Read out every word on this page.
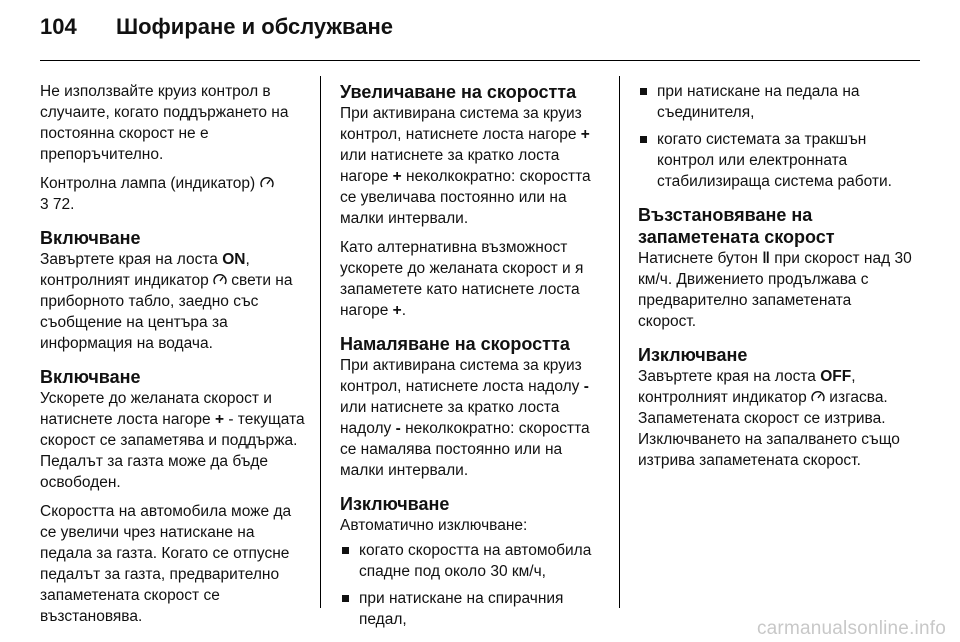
104 Шофиране и обслужване

Не използвайте круиз контрол в случаите, когато поддържането на постоянна скорост не е препоръчително.

Контролна лампа (индикатор)
3 72.

Включване

Завъртете края на лоста ON, контролният индикатор  свети на приборното табло, заедно със съобщение на центъра за информация на водача.

Включване

Ускорете до желаната скорост и натиснете лоста нагоре + - текущата скорост се запаметява и поддържа. Педалът за газта може да бъде освободен.

Скоростта на автомобила може да се увеличи чрез натискане на педала за газта. Когато се отпусне педалът за газта, предварително запаметената скорост се възстановява.

Увеличаване на скоростта

При активирана система за круиз контрол, натиснете лоста нагоре + или натиснете за кратко лоста нагоре + неколкократно: скоростта се увеличава постоянно или на малки интервали.

Като алтернативна възможност ускорете до желаната скорост и я запаметете като натиснете лоста нагоре +.

Намаляване на скоростта

При активирана система за круиз контрол, натиснете лоста надолу - или натиснете за кратко лоста надолу - неколкократно: скоростта се намалява постоянно или на малки интервали.

Изключване

Автоматично изключване:

когато скоростта на автомобила спадне под около 30 км/ч,
при натискане на спирачния педал,
при натискане на педала на съединителя,
когато системата за тракшън контрол или електронната стабилизираща система работи.
Възстановяване на запаметената скорост

Натиснете бутон ‖ при скорост над 30 км/ч. Движението продължава с предварително запаметената скорост.

Изключване

Завъртете края на лоста OFF, контролният индикатор  изгасва. Запаметената скорост се изтрива. Изключването на запалването също изтрива запаметената скорост.

carmanualsonline.info
